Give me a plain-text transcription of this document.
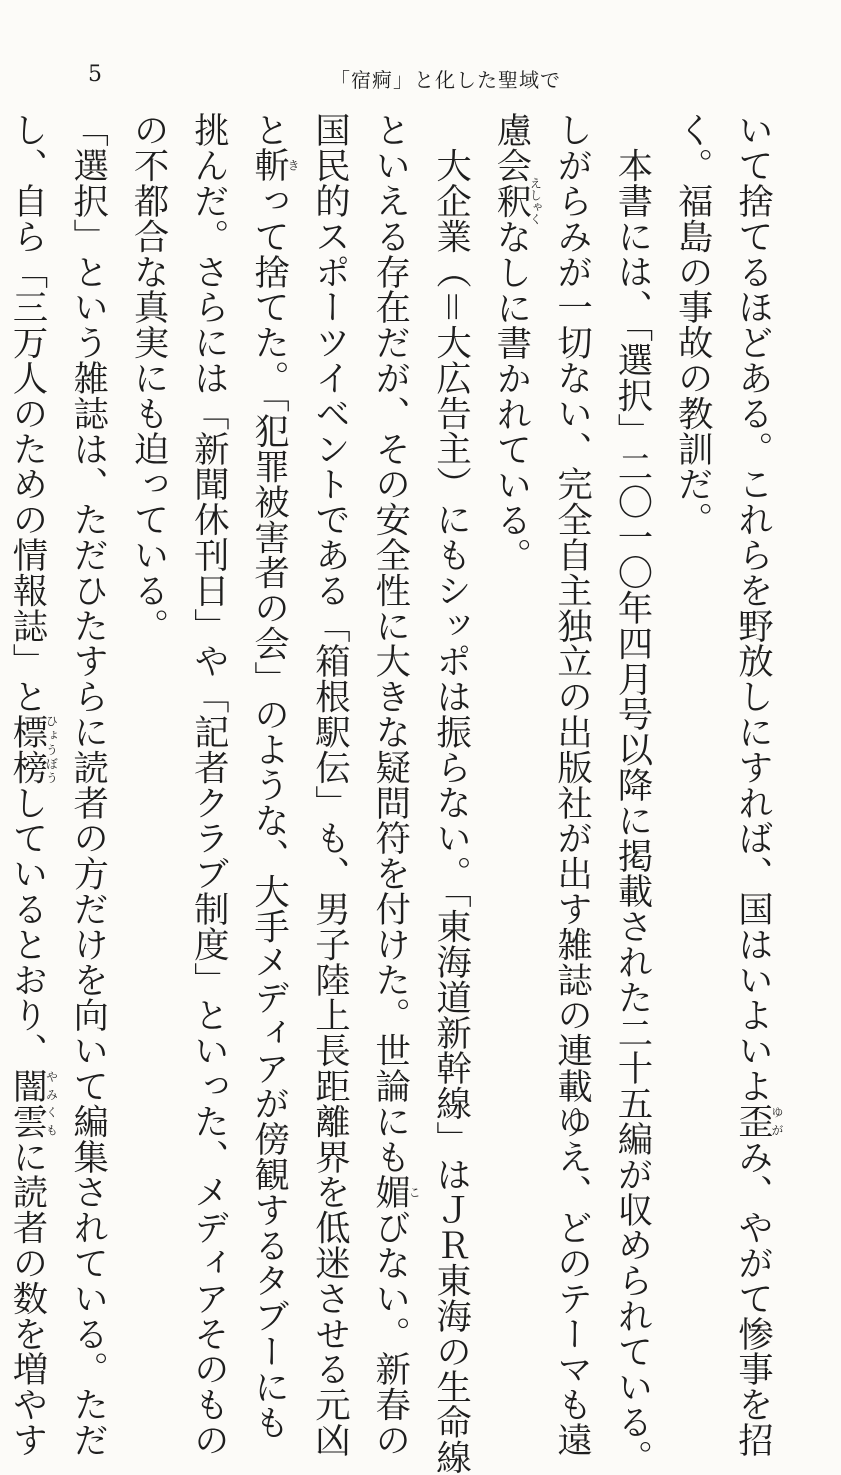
5	「宿痾」と化した聖域で
いて捨てるほどある。これらを野放しにすれば、国はいよいよ歪ゆがみ、やがて惨事を招
く。福島の事故の教訓だ。
本書には、「選択」二〇一〇年四月号以降に掲載された二十五編が収められている。
しがらみが一切ない、完全自主独立の出版社が出す雑誌の連載ゆえ、どのテーマも遠
慮会釈えしゃくなしに書かれている。
大企業（＝大広告主）にもシッポは振らない。「東海道新幹線」はＪＲ東海の生命線
といえる存在だが、その安全性に大きな疑問符を付けた。世論にも媚こびない。新春の
国民的スポーツイベントである「箱根駅伝」も、男子陸上長距離界を低迷させる元凶
と斬きって捨てた。「犯罪被害者の会」のような、大手メディアが傍観するタブーにも
挑んだ。さらには「新聞休刊日」や「記者クラブ制度」といった、メディアそのもの
の不都合な真実にも迫っている。
「選択」という雑誌は、ただひたすらに読者の方だけを向いて編集されている。ただ
し、自ら「三万人のための情報誌」と標榜ひょうぼうしているとおり、闇雲やみくもに読者の数を増やす
